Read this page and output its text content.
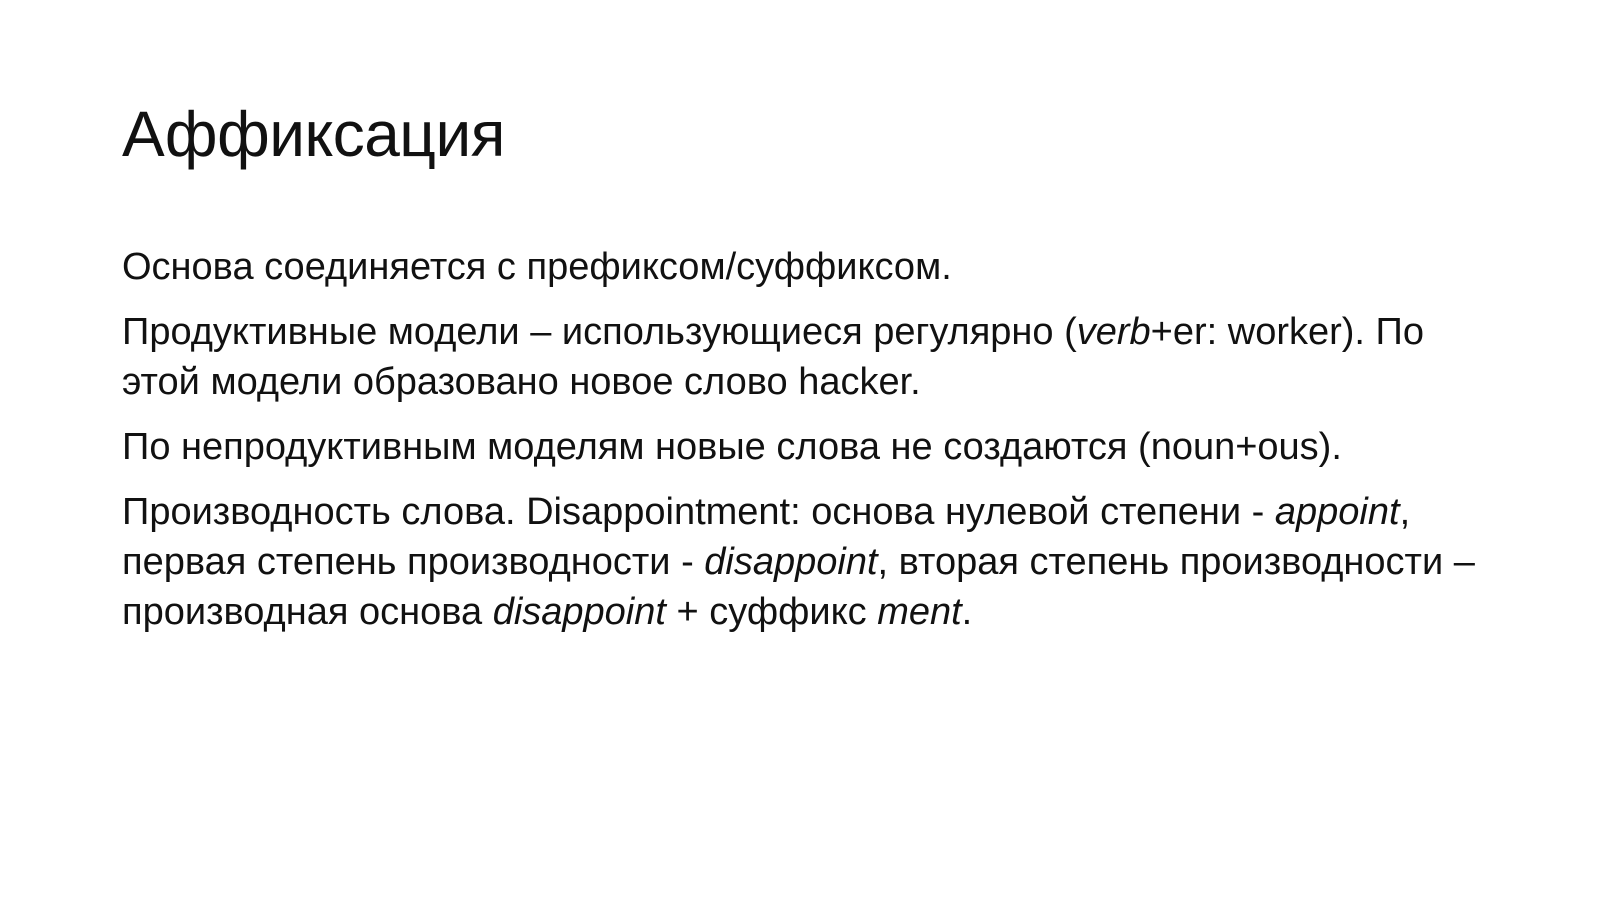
Аффиксация

Основа соединяется с префиксом/суффиксом.

Продуктивные модели – использующиеся регулярно (verb+er: worker). По этой модели образовано новое слово hacker.

По непродуктивным моделям новые слова не создаются (noun+ous).

Производность слова. Disappointment: основа нулевой степени - appoint, первая степень производности - disappoint, вторая степень производности – производная основа disappoint + суффикс ment.
